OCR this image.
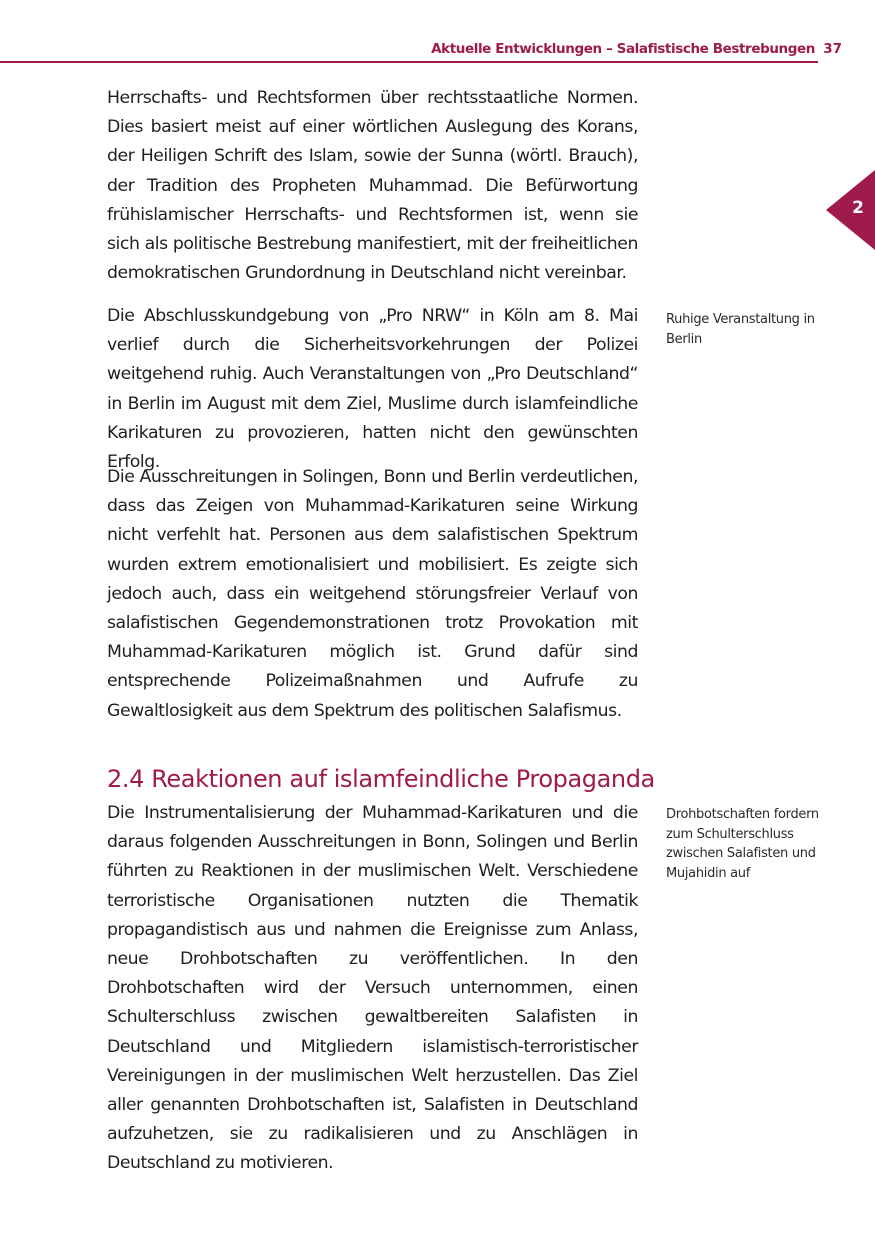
Aktuelle Entwicklungen – Salafistische Bestrebungen 37
2

Herrschafts- und Rechtsformen über rechtsstaatliche Normen. Dies basiert meist auf einer wörtlichen Auslegung des Korans, der Heiligen Schrift des Islam, sowie der Sunna (wörtl. Brauch), der Tradition des Propheten Muhammad. Die Befürwortung frühislamischer Herrschafts- und Rechtsformen ist, wenn sie sich als politische Bestrebung manifestiert, mit der freiheitlichen demokratischen Grundordnung in Deutschland nicht vereinbar.

Die Abschlusskundgebung von „Pro NRW“ in Köln am 8. Mai verlief durch die Sicherheitsvorkehrungen der Polizei weitgehend ruhig. Auch Veranstaltungen von „Pro Deutschland“ in Berlin im August mit dem Ziel, Muslime durch islamfeindliche Karikaturen zu provozieren, hatten nicht den gewünschten Erfolg.

Die Ausschreitungen in Solingen, Bonn und Berlin verdeutlichen, dass das Zeigen von Muhammad-Karikaturen seine Wirkung nicht verfehlt hat. Personen aus dem salafistischen Spektrum wurden extrem emotionalisiert und mobilisiert. Es zeigte sich jedoch auch, dass ein weitgehend störungsfreier Verlauf von salafistischen Gegendemonstrationen trotz Provokation mit Muhammad-Karikaturen möglich ist. Grund dafür sind entsprechende Polizeimaßnahmen und Aufrufe zu Gewaltlosigkeit aus dem Spektrum des politischen Salafismus.

2.4 Reaktionen auf islamfeindliche Propaganda

Die Instrumentalisierung der Muhammad-Karikaturen und die daraus folgenden Ausschreitungen in Bonn, Solingen und Berlin führten zu Reaktionen in der muslimischen Welt. Verschiedene terroristische Organisationen nutzten die Thematik propagandistisch aus und nahmen die Ereignisse zum Anlass, neue Drohbotschaften zu veröffentlichen. In den Drohbotschaften wird der Versuch unternommen, einen Schulterschluss zwischen gewaltbereiten Salafisten in Deutschland und Mitgliedern islamistisch-terroristischer Vereinigungen in der muslimischen Welt herzustellen. Das Ziel aller genannten Drohbotschaften ist, Salafisten in Deutschland aufzuhetzen, sie zu radikalisieren und zu Anschlägen in Deutschland zu motivieren.

Ruhige Veranstaltung in Berlin

Drohbotschaften fordern zum Schulterschluss zwischen Salafisten und Mujahidin auf
